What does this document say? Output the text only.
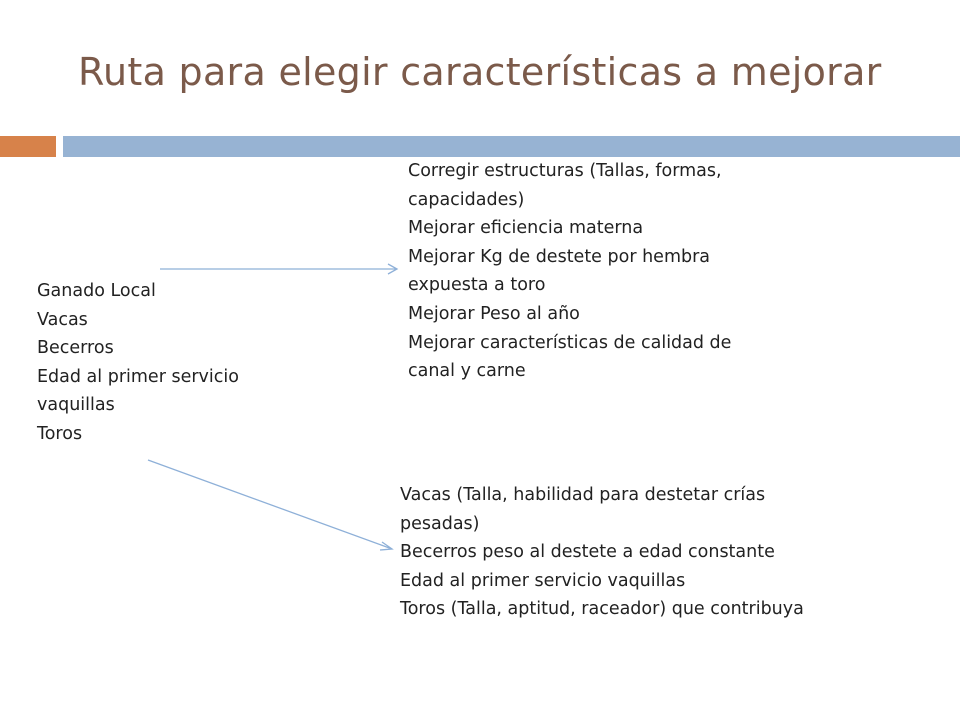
Ruta para elegir características a mejorar
Ganado Local
Vacas
Becerros
Edad al primer servicio
vaquillas
Toros
Corregir estructuras (Tallas, formas,
capacidades)
Mejorar eficiencia materna
Mejorar Kg de destete por hembra
expuesta a toro
Mejorar Peso al año
Mejorar características de calidad de
canal y carne
Vacas (Talla, habilidad para destetar crías
pesadas)
Becerros peso al destete a edad constante
Edad al primer servicio vaquillas
Toros (Talla, aptitud, raceador) que contribuya
